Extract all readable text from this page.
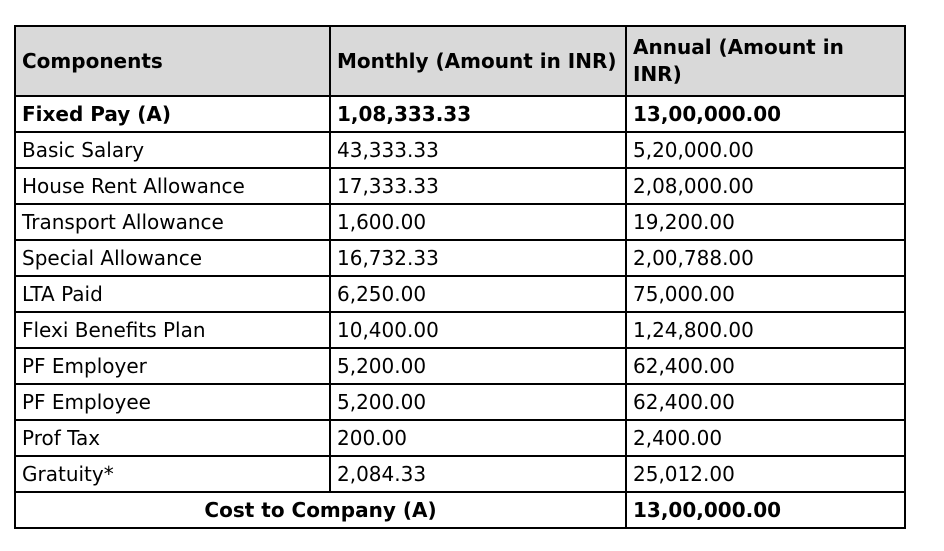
Components	Monthly (Amount in INR)	Annual (Amount in INR)
Fixed Pay (A)	1,08,333.33	13,00,000.00
Basic Salary	43,333.33	5,20,000.00
House Rent Allowance	17,333.33	2,08,000.00
Transport Allowance	1,600.00	19,200.00
Special Allowance	16,732.33	2,00,788.00
LTA Paid	6,250.00	75,000.00
Flexi Benefits Plan	10,400.00	1,24,800.00
PF Employer	5,200.00	62,400.00
PF Employee	5,200.00	62,400.00
Prof Tax	200.00	2,400.00
Gratuity*	2,084.33	25,012.00
Cost to Company (A)		13,00,000.00
